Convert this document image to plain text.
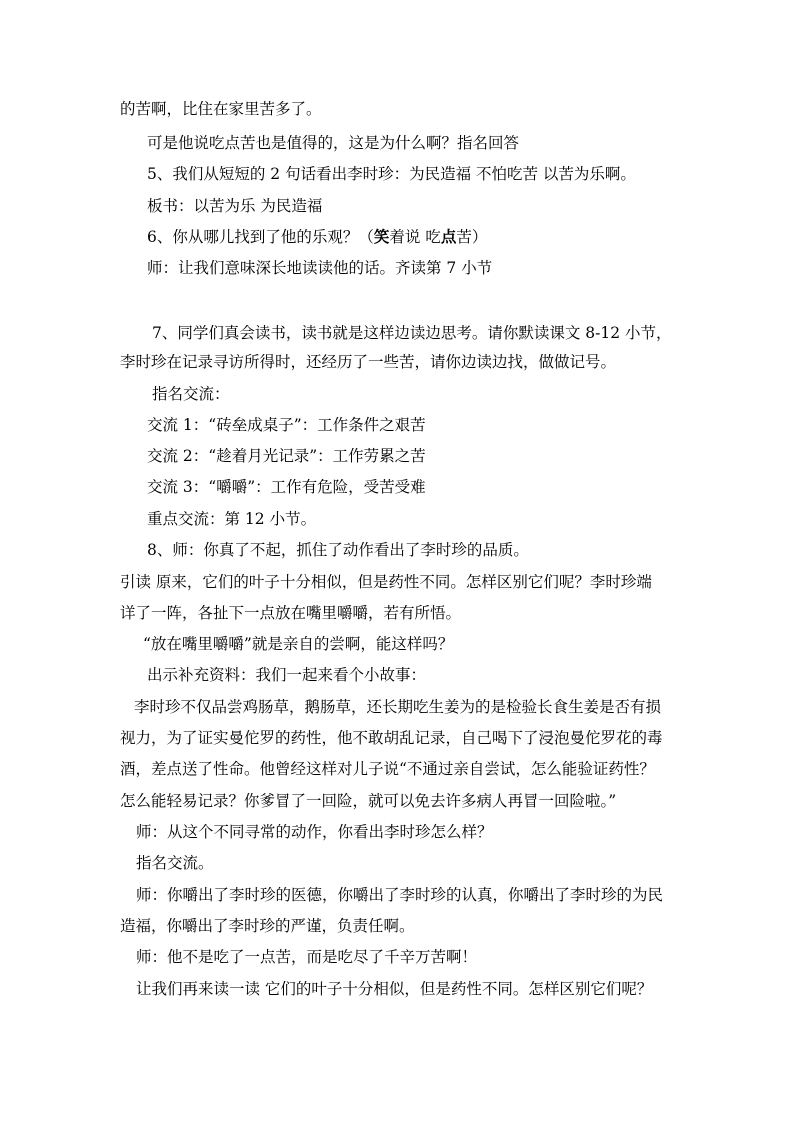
的苦啊，比住在家里苦多了。
可是他说吃点苦也是值得的，这是为什么啊？指名回答
5、我们从短短的 2 句话看出李时珍：为民造福 不怕吃苦 以苦为乐啊。
板书：以苦为乐 为民造福
6、你从哪儿找到了他的乐观？（笑着说 吃点苦）
师：让我们意味深长地读读他的话。齐读第 7 小节
7、同学们真会读书，读书就是这样边读边思考。请你默读课文 8-12 小节，
李时珍在记录寻访所得时，还经历了一些苦，请你边读边找，做做记号。
指名交流：
交流 1：“砖垒成桌子”：工作条件之艰苦
交流 2：“趁着月光记录”：工作劳累之苦
交流 3：“嚼嚼”：工作有危险，受苦受难
重点交流：第 12 小节。
8、师：你真了不起，抓住了动作看出了李时珍的品质。
引读 原来，它们的叶子十分相似，但是药性不同。怎样区别它们呢？李时珍端
详了一阵，各扯下一点放在嘴里嚼嚼，若有所悟。
“放在嘴里嚼嚼”就是亲自的尝啊，能这样吗？
出示补充资料：我们一起来看个小故事：
李时珍不仅品尝鸡肠草，鹅肠草，还长期吃生姜为的是检验长食生姜是否有损
视力，为了证实曼佗罗的药性，他不敢胡乱记录，自己喝下了浸泡曼佗罗花的毒
酒，差点送了性命。他曾经这样对儿子说“不通过亲自尝试，怎么能验证药性？
怎么能轻易记录？你爹冒了一回险，就可以免去许多病人再冒一回险啦。”
师：从这个不同寻常的动作，你看出李时珍怎么样？
指名交流。
师：你嚼出了李时珍的医德，你嚼出了李时珍的认真，你嚼出了李时珍的为民
造福，你嚼出了李时珍的严谨，负责任啊。
师：他不是吃了一点苦，而是吃尽了千辛万苦啊！
让我们再来读一读 它们的叶子十分相似，但是药性不同。怎样区别它们呢？
